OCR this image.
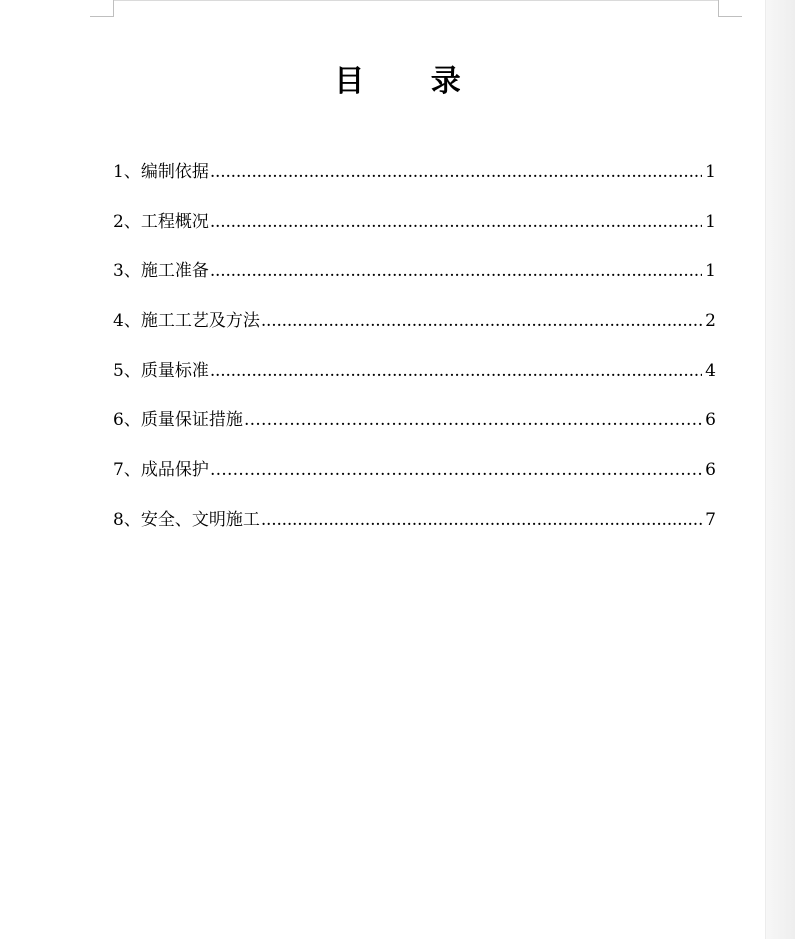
目 录
1、编制依据 .....	1
2、工程概况 .....	1
3、施工准备 .....	1
4、施工工艺及方法 .....	2
5、质量标准 .....	4
6、质量保证措施 …………………………………………………………………………………………………………………………………………………………	6
7、成品保护 …………………………………………………………………………………………………………………………………………………………	6
8、安全、文明施工 .....	7
